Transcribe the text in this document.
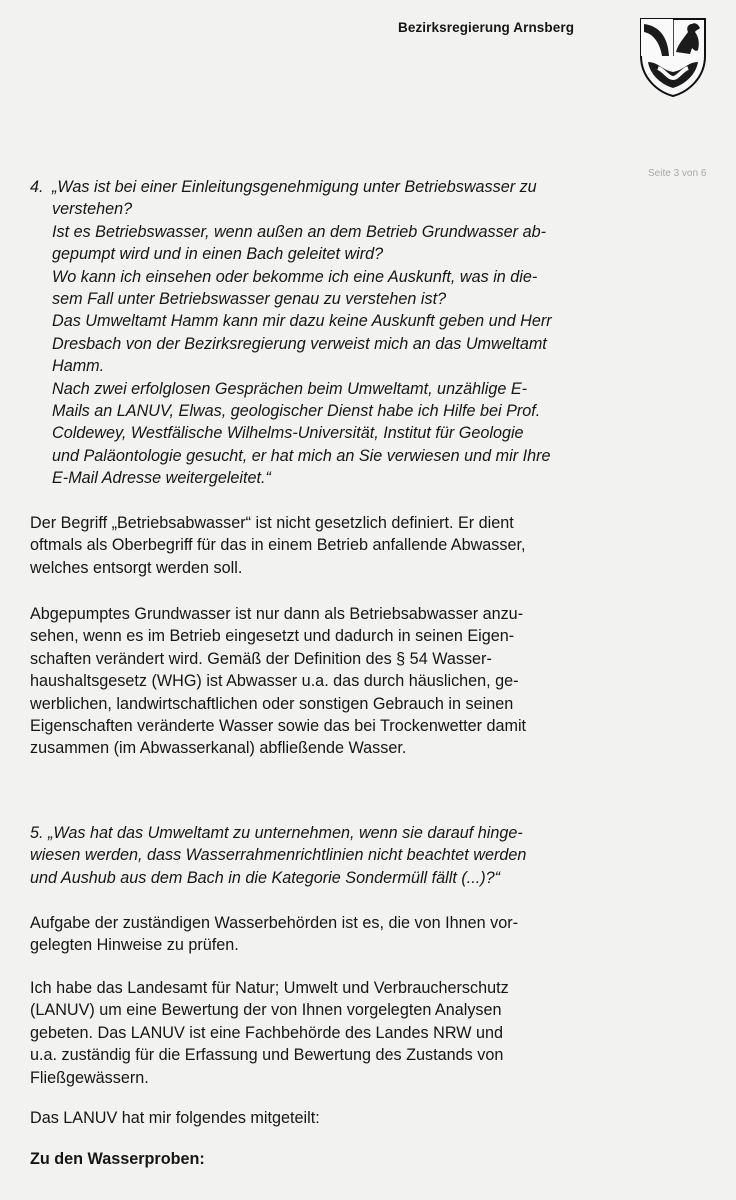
Bezirksregierung Arnsberg
Seite 3 von 6
4. „Was ist bei einer Einleitungsgenehmigung unter Betriebswasser zu
verstehen?
Ist es Betriebswasser, wenn außen an dem Betrieb Grundwasser ab-
gepumpt wird und in einen Bach geleitet wird?
Wo kann ich einsehen oder bekomme ich eine Auskunft, was in die-
sem Fall unter Betriebswasser genau zu verstehen ist?
Das Umweltamt Hamm kann mir dazu keine Auskunft geben und Herr
Dresbach von der Bezirksregierung verweist mich an das Umweltamt
Hamm.
Nach zwei erfolglosen Gesprächen beim Umweltamt, unzählige E-
Mails an LANUV, Elwas, geologischer Dienst habe ich Hilfe bei Prof.
Coldewey, Westfälische Wilhelms-Universität, Institut für Geologie
und Paläontologie gesucht, er hat mich an Sie verwiesen und mir Ihre
E-Mail Adresse weitergeleitet.“
Der Begriff „Betriebsabwasser“ ist nicht gesetzlich definiert. Er dient
oftmals als Oberbegriff für das in einem Betrieb anfallende Abwasser,
welches entsorgt werden soll.
Abgepumptes Grundwasser ist nur dann als Betriebsabwasser anzu-
sehen, wenn es im Betrieb eingesetzt und dadurch in seinen Eigen-
schaften verändert wird. Gemäß der Definition des § 54 Wasser-
haushaltsgesetz (WHG) ist Abwasser u.a. das durch häuslichen, ge-
werblichen, landwirtschaftlichen oder sonstigen Gebrauch in seinen
Eigenschaften veränderte Wasser sowie das bei Trockenwetter damit
zusammen (im Abwasserkanal) abfließende Wasser.
5. „Was hat das Umweltamt zu unternehmen, wenn sie darauf hinge-
wiesen werden, dass Wasserrahmenrichtlinien nicht beachtet werden
und Aushub aus dem Bach in die Kategorie Sondermüll fällt (...)?“
Aufgabe der zuständigen Wasserbehörden ist es, die von Ihnen vor-
gelegten Hinweise zu prüfen.
Ich habe das Landesamt für Natur; Umwelt und Verbraucherschutz
(LANUV) um eine Bewertung der von Ihnen vorgelegten Analysen
gebeten. Das LANUV ist eine Fachbehörde des Landes NRW und
u.a. zuständig für die Erfassung und Bewertung des Zustands von
Fließgewässern.
Das LANUV hat mir folgendes mitgeteilt:
Zu den Wasserproben:
